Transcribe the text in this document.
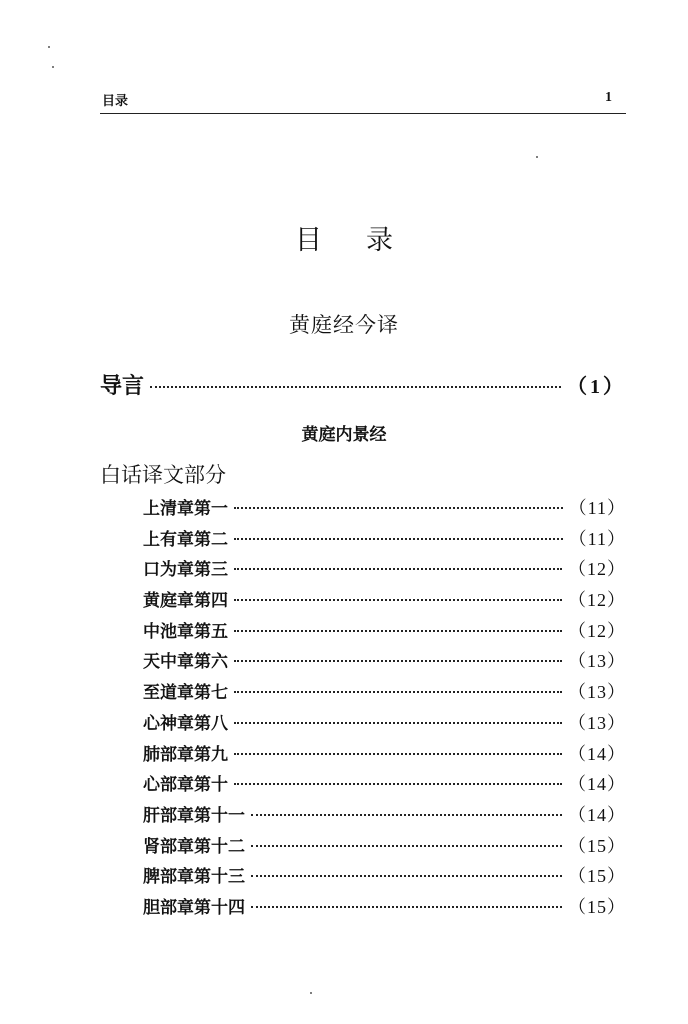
目录	1
目录
黄庭经今译
导言	（1）
黄庭内景经
白话译文部分
上清章第一	（11）
上有章第二	（11）
口为章第三	（12）
黄庭章第四	（12）
中池章第五	（12）
天中章第六	（13）
至道章第七	（13）
心神章第八	（13）
肺部章第九	（14）
心部章第十	（14）
肝部章第十一	（14）
肾部章第十二	（15）
脾部章第十三	（15）
胆部章第十四	（15）
